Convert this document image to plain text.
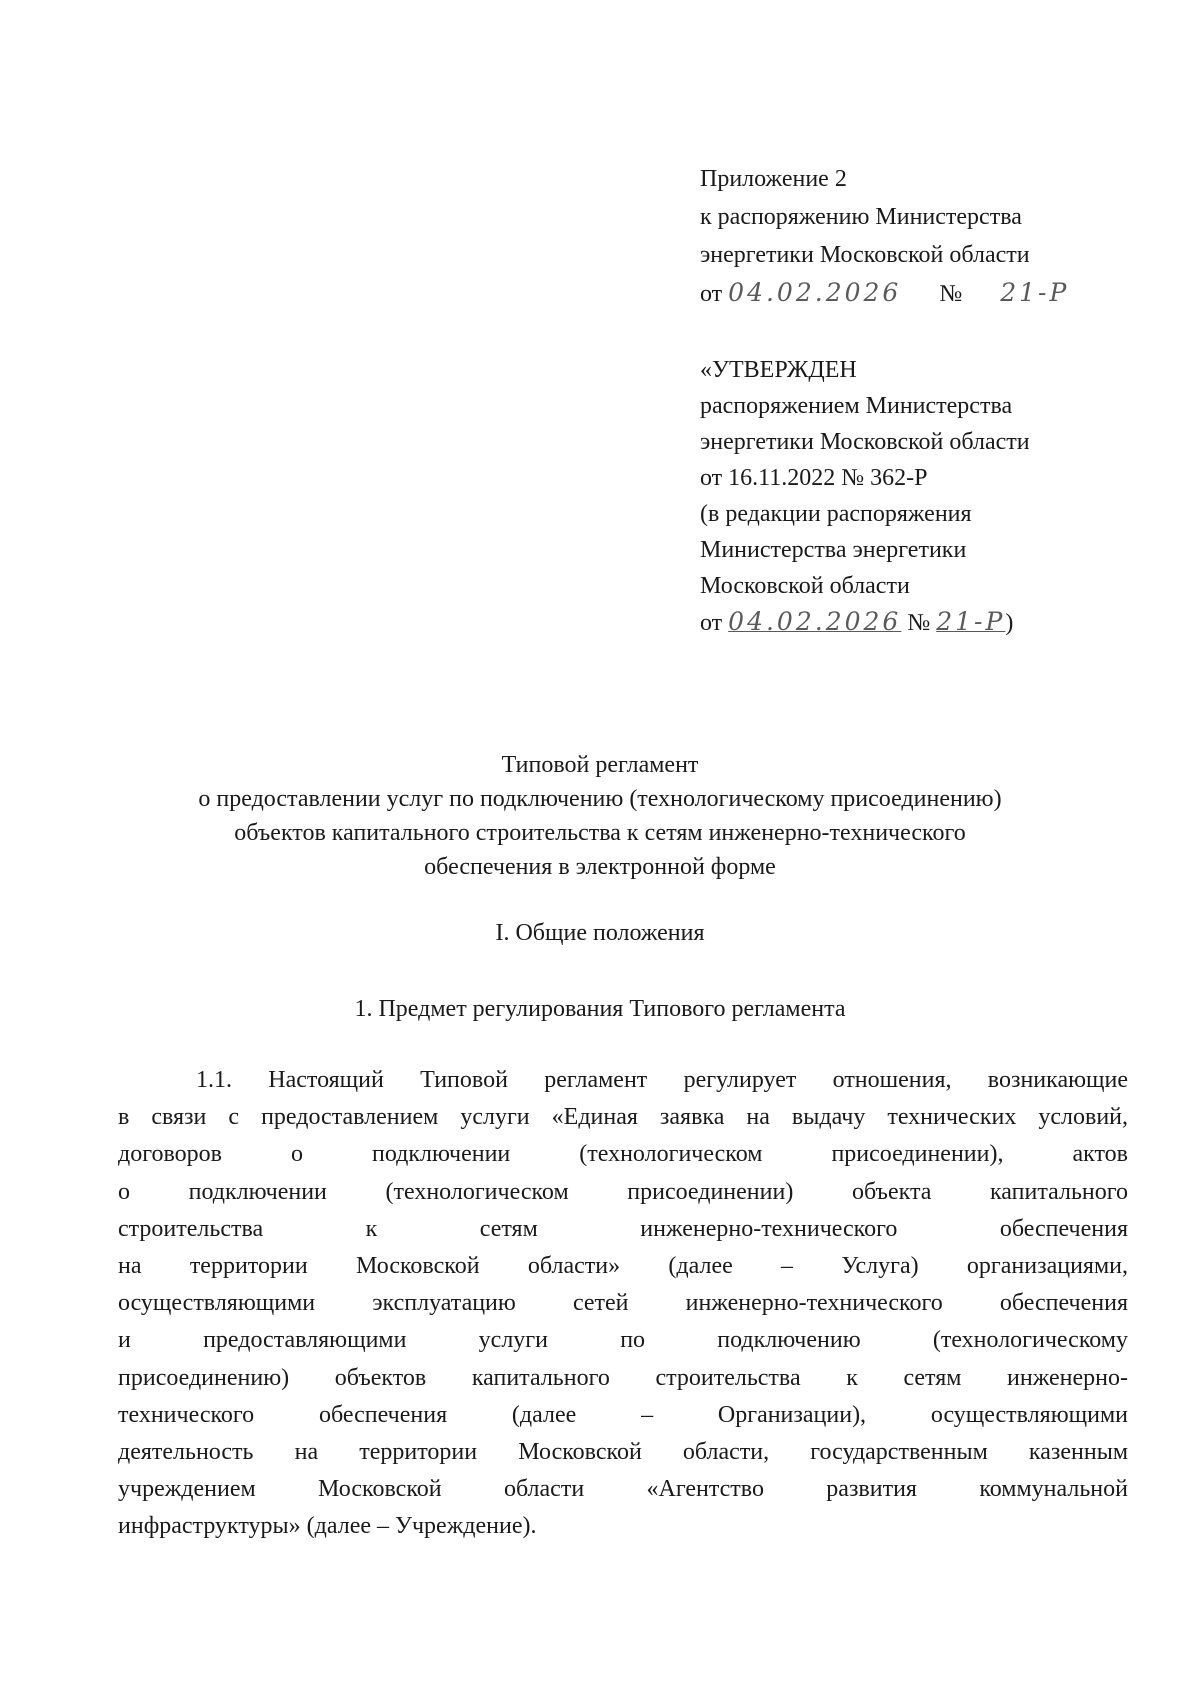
Приложение 2
к распоряжению Министерства
энергетики Московской области
от 04.02.2026 № 21-Р
«УТВЕРЖДЕН
распоряжением Министерства
энергетики Московской области
от 16.11.2022 № 362-Р
(в редакции распоряжения
Министерства энергетики
Московской области
от 04.02.2026 № 21-Р)
Типовой регламент
о предоставлении услуг по подключению (технологическому присоединению)
объектов капитального строительства к сетям инженерно-технического
обеспечения в электронной форме
I. Общие положения
1. Предмет регулирования Типового регламента
1.1. Настоящий Типовой регламент регулирует отношения, возникающие
в связи с предоставлением услуги «Единая заявка на выдачу технических условий,
договоров о подключении (технологическом присоединении), актов
о подключении (технологическом присоединении) объекта капитального
строительства к сетям инженерно-технического обеспечения
на территории Московской области» (далее – Услуга) организациями,
осуществляющими эксплуатацию сетей инженерно-технического обеспечения
и предоставляющими услуги по подключению (технологическому
присоединению) объектов капитального строительства к сетям инженерно-
технического обеспечения (далее – Организации), осуществляющими
деятельность на территории Московской области, государственным казенным
учреждением Московской области «Агентство развития коммунальной
инфраструктуры» (далее – Учреждение).
